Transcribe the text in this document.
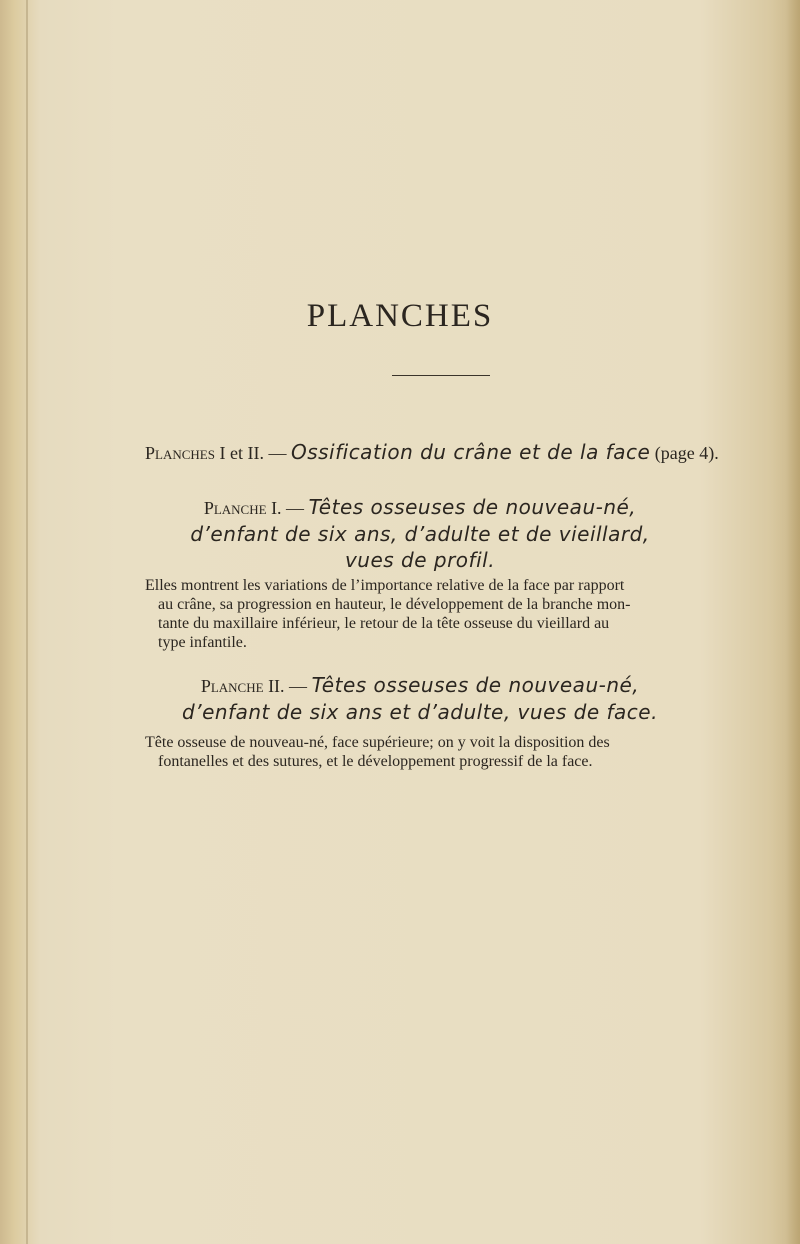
PLANCHES
Planches I et II. — Ossification du crâne et de la face (page 4).
Planche I. — Têtes osseuses de nouveau-né,
d’enfant de six ans, d’adulte et de vieillard,
vues de profil.

Elles montrent les variations de l’importance relative de la face par rapport

au crâne, sa progression en hauteur, le développement de la branche mon-

tante du maxillaire inférieur, le retour de la tête osseuse du vieillard au

type infantile.

Planche II. — Têtes osseuses de nouveau-né,
d’enfant de six ans et d’adulte, vues de face.

Tête osseuse de nouveau-né, face supérieure; on y voit la disposition des

fontanelles et des sutures, et le développement progressif de la face.
